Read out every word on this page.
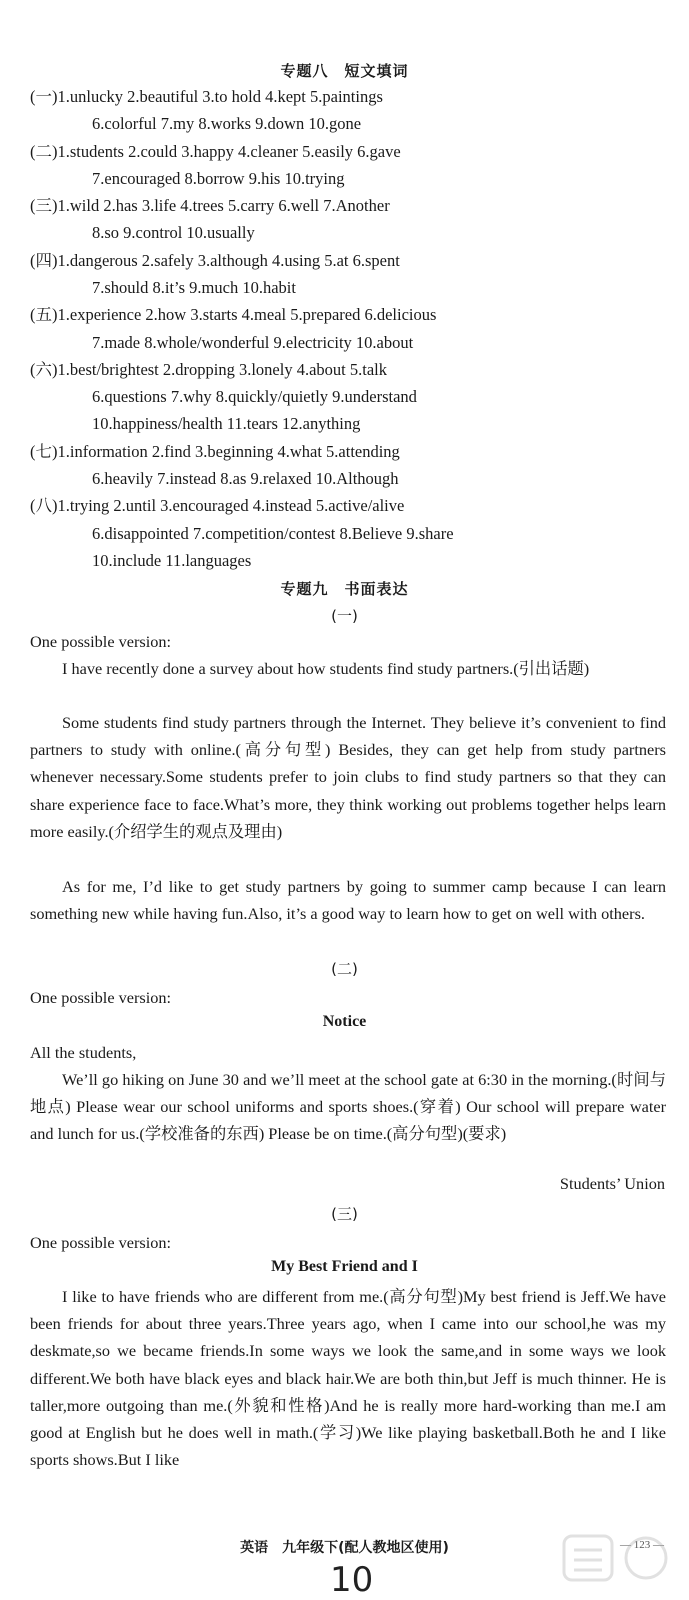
专题八　短文填词
(一)1.unlucky 2.beautiful 3.to hold 4.kept 5.paintings
6.colorful 7.my 8.works 9.down 10.gone
(二)1.students 2.could 3.happy 4.cleaner 5.easily 6.gave
7.encouraged 8.borrow 9.his 10.trying
(三)1.wild 2.has 3.life 4.trees 5.carry 6.well 7.Another
8.so 9.control 10.usually
(四)1.dangerous 2.safely 3.although 4.using 5.at 6.spent
7.should 8.it’s 9.much 10.habit
(五)1.experience 2.how 3.starts 4.meal 5.prepared 6.delicious
7.made 8.whole/wonderful 9.electricity 10.about
(六)1.best/brightest 2.dropping 3.lonely 4.about 5.talk
6.questions 7.why 8.quickly/quietly 9.understand
10.happiness/health 11.tears 12.anything
(七)1.information 2.find 3.beginning 4.what 5.attending
6.heavily 7.instead 8.as 9.relaxed 10.Although
(八)1.trying 2.until 3.encouraged 4.instead 5.active/alive
6.disappointed 7.competition/contest 8.Believe 9.share
10.include 11.languages
专题九　书面表达
(一)

One possible version:

I have recently done a survey about how students find study partners.(引出话题)

Some students find study partners through the Internet. They believe it’s convenient to find partners to study with online.(高分句型) Besides, they can get help from study partners whenever necessary.Some students prefer to join clubs to find study partners so that they can share experience face to face.What’s more, they think working out problems together helps learn more easily.(介绍学生的观点及理由)

As for me, I’d like to get study partners by going to summer camp because I can learn something new while having fun.Also, it’s a good way to learn how to get on well with others.

(二)

One possible version:

Notice

All the students,

We’ll go hiking on June 30 and we’ll meet at the school gate at 6:30 in the morning.(时间与地点) Please wear our school uniforms and sports shoes.(穿着) Our school will prepare water and lunch for us.(学校准备的东西) Please be on time.(高分句型)(要求)

Students’ Union
(三)

One possible version:

My Best Friend and I

I like to have friends who are different from me.(高分句型)My best friend is Jeff.We have been friends for about three years.Three years ago, when I came into our school,he was my deskmate,so we became friends.In some ways we look the same,and in some ways we look different.We both have black eyes and black hair.We are both thin,but Jeff is much thinner. He is taller,more outgoing than me.(外貌和性格)And he is really more hard-working than me.I am good at English but he does well in math.(学习)We like playing basketball.Both he and I like sports shows.But I like

英语　九年级下(配人教地区使用)	— 123 —
10
